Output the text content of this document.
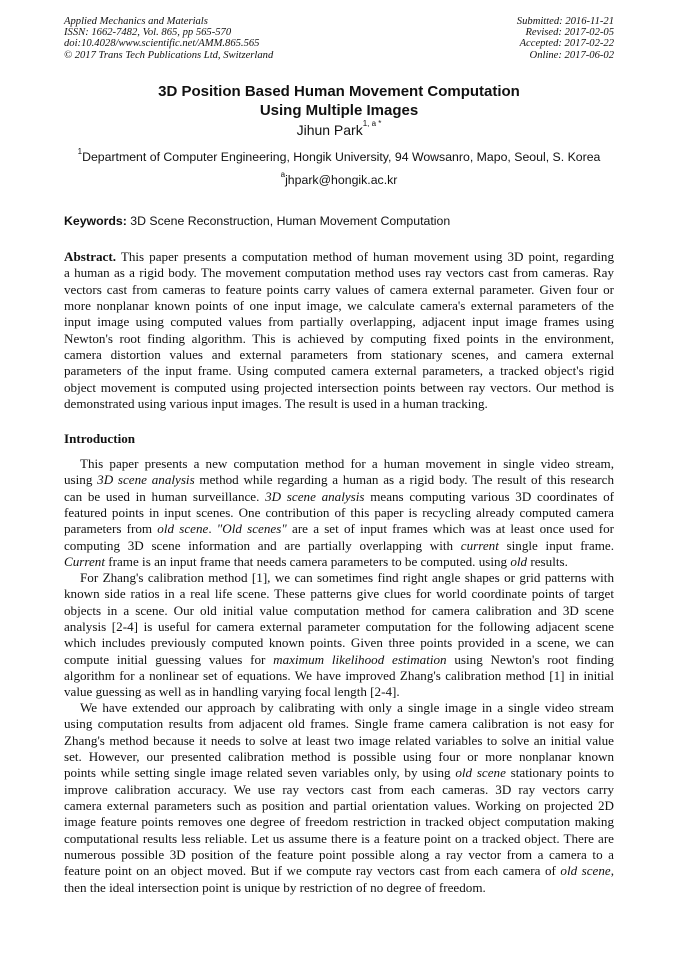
Applied Mechanics and Materials
ISSN: 1662-7482, Vol. 865, pp 565-570
doi:10.4028/www.scientific.net/AMM.865.565
© 2017 Trans Tech Publications Ltd, Switzerland
Submitted: 2016-11-21
Revised: 2017-02-05
Accepted: 2017-02-22
Online: 2017-06-02
3D Position Based Human Movement Computation
Using Multiple Images
Jihun Park$^{1, a *}$
$^1$Department of Computer Engineering, Hongik University, 94 Wowsanro, Mapo, Seoul, S. Korea
$^a$jhpark@hongik.ac.kr
Keywords: 3D Scene Reconstruction, Human Movement Computation
Abstract. This paper presents a computation method of human movement using 3D point, regarding
a human as a rigid body. The movement computation method uses ray vectors cast from cameras. Ray
vectors cast from cameras to feature points carry values of camera external parameter. Given four or
more nonplanar known points of one input image, we calculate camera's external parameters of the
input image using computed values from partially overlapping, adjacent input image frames using
Newton's root finding algorithm. This is achieved by computing fixed points in the environment,
camera distortion values and external parameters from stationary scenes, and camera external
parameters of the input frame. Using computed camera external parameters, a tracked object's rigid
object movement is computed using projected intersection points between ray vectors. Our method is
demonstrated using various input images. The result is used in a human tracking.
Introduction
This paper presents a new computation method for a human movement in single video stream,
using 3D scene analysis method while regarding a human as a rigid body. The result of this research
can be used in human surveillance. 3D scene analysis means computing various 3D coordinates of
featured points in input scenes. One contribution of this paper is recycling already computed camera
parameters from old scene. "Old scenes" are a set of input frames which was at least once used for
computing 3D scene information and are partially overlapping with current single input frame.
Current frame is an input frame that needs camera parameters to be computed. using old results.
For Zhang's calibration method [1], we can sometimes find right angle shapes or grid patterns with
known side ratios in a real life scene. These patterns give clues for world coordinate points of target
objects in a scene. Our old initial value computation method for camera calibration and 3D scene
analysis [2-4] is useful for camera external parameter computation for the following adjacent scene
which includes previously computed known points. Given three points provided in a scene, we can
compute initial guessing values for maximum likelihood estimation using Newton's root finding
algorithm for a nonlinear set of equations. We have improved Zhang's calibration method [1] in initial
value guessing as well as in handling varying focal length [2-4].
We have extended our approach by calibrating with only a single image in a single video stream
using computation results from adjacent old frames. Single frame camera calibration is not easy for
Zhang's method because it needs to solve at least two image related variables to solve an initial value
set. However, our presented calibration method is possible using four or more nonplanar known
points while setting single image related seven variables only, by using old scene stationary points to
improve calibration accuracy. We use ray vectors cast from each cameras. 3D ray vectors carry
camera external parameters such as position and partial orientation values. Working on projected 2D
image feature points removes one degree of freedom restriction in tracked object computation making
computational results less reliable. Let us assume there is a feature point on a tracked object. There are
numerous possible 3D position of the feature point possible along a ray vector from a camera to a
feature point on an object moved. But if we compute ray vectors cast from each camera of old scene,
then the ideal intersection point is unique by restriction of no degree of freedom.
